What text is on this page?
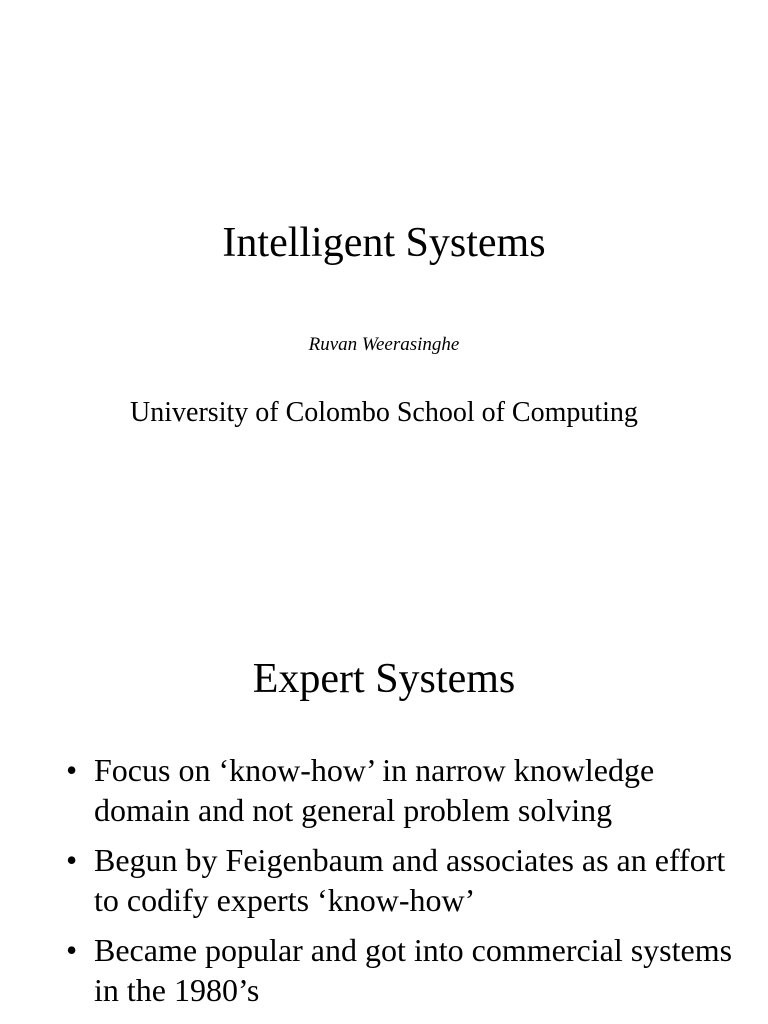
Intelligent Systems
Ruvan Weerasinghe
University of Colombo School of Computing
Expert Systems
• Focus on ‘know-how’ in narrow knowledge domain and not general problem solving
• Begun by Feigenbaum and associates as an effort to codify experts ‘know-how’
• Became popular and got into commercial systems in the 1980’s
